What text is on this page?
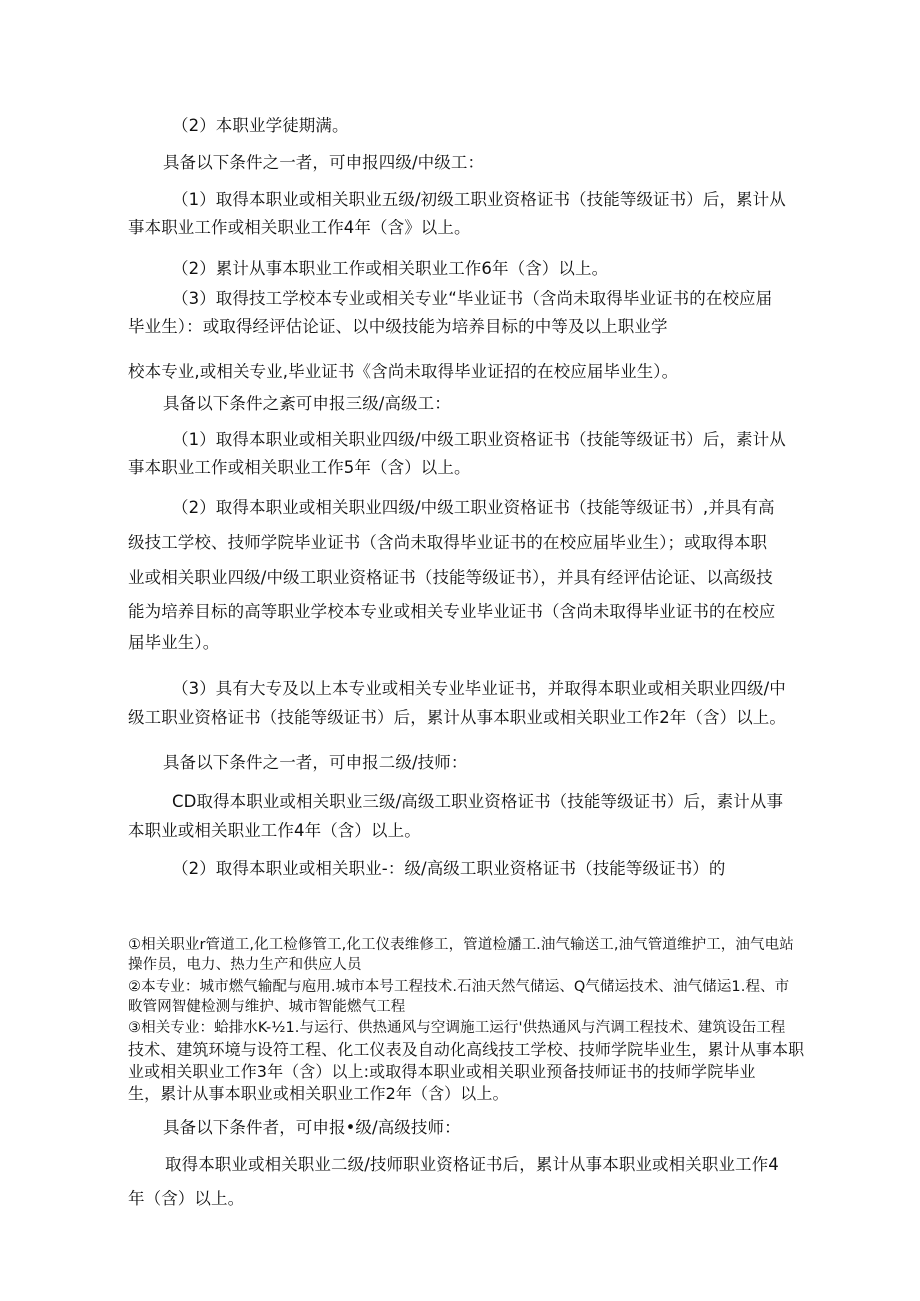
（2）本职业学徒期满。
具备以下条件之一者，可申报四级/中级工：
（1）取得本职业或相关职业五级/初级工职业资格证书（技能等级证书）后，累计从
事本职业工作或相关职业工作4年（含》以上。
（2）累计从事本职业工作或相关职业工作6年（含）以上。
（3）取得技工学校本专业或相关专业“毕业证书（含尚未取得毕业证书的在校应届
毕业生）：或取得经评估论证、以中级技能为培养目标的中等及以上职业学
校本专业,或相关专业,毕业证书《含尚未取得毕业证招的在校应届毕业生）。
具备以下条件之紊可申报三级/高级工：
（1）取得本职业或相关职业四级/中级工职业资格证书（技能等级证书）后，素计从
事本职业工作或相关职业工作5年（含）以上。
（2）取得本职业或相关职业四级/中级工职业资格证书（技能等级证书）,并具有高
级技工学校、技师学院毕业证书（含尚未取得毕业证书的在校应届毕业生）；或取得本职
业或相关职业四级/中级工职业资格证书（技能等级证书），并具有经评估论证、以高级技
能为培养目标的高等职业学校本专业或相关专业毕业证书（含尚未取得毕业证书的在校应
届毕业生）。
（3）具有大专及以上本专业或相关专业毕业证书，并取得本职业或相关职业四级/中
级工职业资格证书（技能等级证书）后，累计从事本职业或相关职业工作2年（含）以上。
具备以下条件之一者，可申报二级/技师：
CD取得本职业或相关职业三级/高级工职业资格证书（技能等级证书）后，素计从事
本职业或相关职业工作4年（含）以上。
（2）取得本职业或相关职业-：级/高级工职业资格证书（技能等级证书）的
①相关职业r管道工,化工检修管工,化工仪表维修工，管道检旙工.油气输送工,油气管道维护工，油气电站
操作员，电力、热力生产和供应人员
②本专业：城市燃气输配与庖用.城市本号工程技术.石油天然气储运、Q气储运技术、油气储运1.程、市
畋管网智健检测与维护、城市智能燃气工程
③相关专业：蛤排水K-½1.与运行、供热通风与空调施工运行'供热通风与汽调工程技术、建筑设缶工程
技术、建筑环境与设符工程、化工仪表及自动化高线技工学校、技师学院毕业生，累计从事本职
业或相关职业工作3年（含）以上:或取得本职业或相关职业预备技师证书的技师学院毕业
生，累计从事本职业或相关职业工作2年（含）以上。
具备以下条件者，可申报•级/高级技师：
取得本职业或相关职业二级/技师职业资格证书后，累计从事本职业或相关职业工作4
年（含）以上。
